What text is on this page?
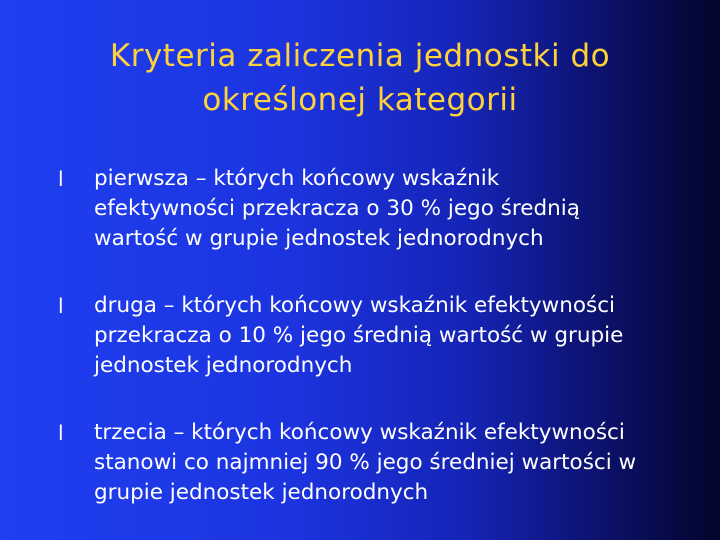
Kryteria zaliczenia jednostki do
określonej kategorii
l pierwsza – których końcowy wskaźnik
efektywności przekracza o 30 % jego średnią
wartość w grupie jednostek jednorodnych
l druga – których końcowy wskaźnik efektywności
przekracza o 10 % jego średnią wartość w grupie
jednostek jednorodnych
l trzecia – których końcowy wskaźnik efektywności
stanowi co najmniej 90 % jego średniej wartości w
grupie jednostek jednorodnych
